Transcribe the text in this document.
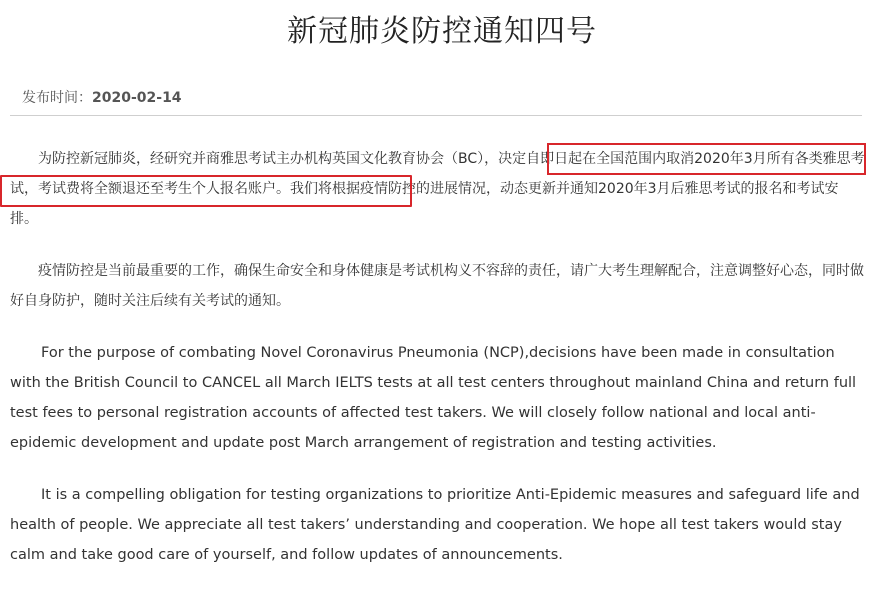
新冠肺炎防控通知四号
发布时间：2020-02-14

为防控新冠肺炎，经研究并商雅思考试主办机构英国文化教育协会（BC），决定自即日起在全国范围内取消2020年3月所有各类雅思考试，考试费将全额退还至考生个人报名账户。我们将根据疫情防控的进展情况，动态更新并通知2020年3月后雅思考试的报名和考试安排。

疫情防控是当前最重要的工作，确保生命安全和身体健康是考试机构义不容辞的责任，请广大考生理解配合，注意调整好心态，同时做好自身防护，随时关注后续有关考试的通知。

For the purpose of combating Novel Coronavirus Pneumonia (NCP),decisions have been made in consultation with the British Council to CANCEL all March IELTS tests at all test centers throughout mainland China and return full test fees to personal registration accounts of affected test takers. We will closely follow national and local anti-epidemic development and update post March arrangement of registration and testing activities.

It is a compelling obligation for testing organizations to prioritize Anti-Epidemic measures and safeguard life and health of people. We appreciate all test takers’ understanding and cooperation. We hope all test takers would stay calm and take good care of yourself, and follow updates of announcements.
